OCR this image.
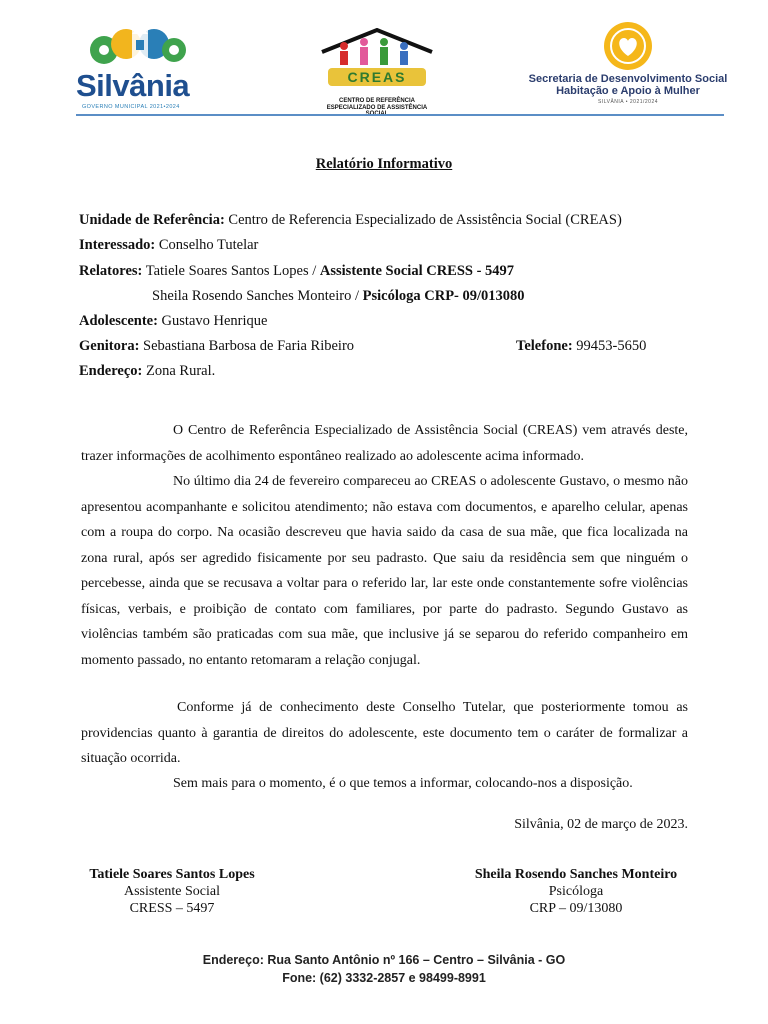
Silvânia
GOVERNO MUNICIPAL 2021•2024
CREAS
CENTRO DE REFERÊNCIA ESPECIALIZADO DE ASSISTÊNCIA
Secretaria de Desenvolvimento Social
Habitação e Apoio à Mulher
SILVÂNIA • 2021/2024
Relatório Informativo
Unidade de Referência: Centro de Referencia Especializado de Assistência Social (CREAS)
Interessado: Conselho Tutelar
Relatores: Tatiele Soares Santos Lopes / Assistente Social CRESS - 5497
Sheila Rosendo Sanches Monteiro / Psicóloga CRP- 09/013080
Adolescente: Gustavo Henrique
Genitora: Sebastiana Barbosa de Faria Ribeiro	Telefone: 99453-5650
Endereço: Zona Rural.
O Centro de Referência Especializado de Assistência Social (CREAS) vem através deste, trazer informações de acolhimento espontâneo realizado ao adolescente acima informado.
No último dia 24 de fevereiro compareceu ao CREAS o adolescente Gustavo, o mesmo não apresentou acompanhante e solicitou atendimento; não estava com documentos, e aparelho celular, apenas com a roupa do corpo. Na ocasião descreveu que havia saido da casa de sua mãe, que fica localizada na zona rural, após ser agredido fisicamente por seu padrasto. Que saiu da residência sem que ninguém o percebesse, ainda que se recusava a voltar para o referido lar, lar este onde constantemente sofre violências físicas, verbais, e proibição de contato com familiares, por parte do padrasto. Segundo Gustavo as violências também são praticadas com sua mãe, que inclusive já se separou do referido companheiro em momento passado, no entanto retomaram a relação conjugal.
Conforme já de conhecimento deste Conselho Tutelar, que posteriormente tomou as providencias quanto à garantia de direitos do adolescente, este documento tem o caráter de formalizar a situação ocorrida.
Sem mais para o momento, é o que temos a informar, colocando-nos a disposição.
Silvânia, 02 de março de 2023.
Tatiele Soares Santos Lopes
Assistente Social
CRESS – 5497
Sheila Rosendo Sanches Monteiro
Psicóloga
CRP – 09/13080
Endereço: Rua Santo Antônio nº 166 – Centro – Silvânia - GO
Fone: (62) 3332-2857 e 98499-8991
